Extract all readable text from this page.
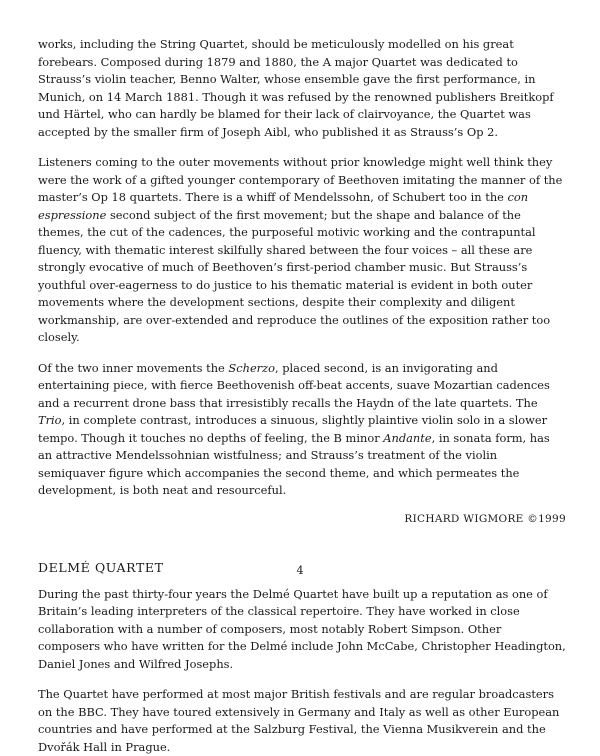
works, including the String Quartet, should be meticulously modelled on his great forebears. Composed during 1879 and 1880, the A major Quartet was dedicated to Strauss’s violin teacher, Benno Walter, whose ensemble gave the first performance, in Munich, on 14 March 1881. Though it was refused by the renowned publishers Breitkopf und Härtel, who can hardly be blamed for their lack of clairvoyance, the Quartet was accepted by the smaller firm of Joseph Aibl, who published it as Strauss’s Op 2.

Listeners coming to the outer movements without prior knowledge might well think they were the work of a gifted younger contemporary of Beethoven imitating the manner of the master’s Op 18 quartets. There is a whiff of Mendelssohn, of Schubert too in the con espressione second subject of the first movement; but the shape and balance of the themes, the cut of the cadences, the purposeful motivic working and the contrapuntal fluency, with thematic interest skilfully shared between the four voices – all these are strongly evocative of much of Beethoven’s first-period chamber music. But Strauss’s youthful over-eagerness to do justice to his thematic material is evident in both outer movements where the development sections, despite their complexity and diligent workmanship, are over-extended and reproduce the outlines of the exposition rather too closely.

Of the two inner movements the Scherzo, placed second, is an invigorating and entertaining piece, with fierce Beethovenish off-beat accents, suave Mozartian cadences and a recurrent drone bass that irresistibly recalls the Haydn of the late quartets. The Trio, in complete contrast, introduces a sinuous, slightly plaintive violin solo in a slower tempo. Though it touches no depths of feeling, the B minor Andante, in sonata form, has an attractive Mendelssohnian wistfulness; and Strauss’s treatment of the violin semiquaver figure which accompanies the second theme, and which permeates the development, is both neat and resourceful.

RICHARD WIGMORE ©1999

DELMÉ QUARTET

During the past thirty-four years the Delmé Quartet have built up a reputation as one of Britain’s leading interpreters of the classical repertoire. They have worked in close collaboration with a number of composers, most notably Robert Simpson. Other composers who have written for the Delmé include John McCabe, Christopher Headington, Daniel Jones and Wilfred Josephs.

The Quartet have performed at most major British festivals and are regular broadcasters on the BBC. They have toured extensively in Germany and Italy as well as other European countries and have performed at the Salzburg Festival, the Vienna Musikverein and the Dvořák Hall in Prague.

4
